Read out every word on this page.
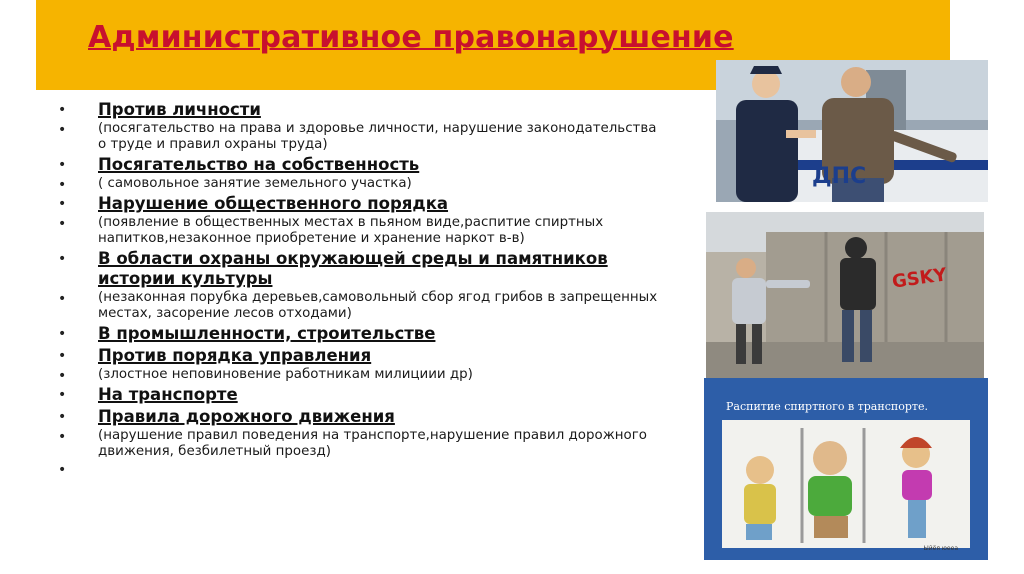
Административное правонарушение
• Против личности
• (посягательство на права и здоровье личности, нарушение законодательства о труде и правил охраны труда)
• Посягательство на собственность
• ( самовольное занятие земельного участка)
• Нарушение общественного порядка
• (появление в общественных местах в пьяном виде,распитие спиртных напитков,незаконное приобретение и хранение наркот в-в)
• В области охраны окружающей среды и памятников истории культуры
• (незаконная порубка деревьев,самовольный сбор ягод грибов в запрещенных местах, засорение лесов отходами)
• В промышленности, строительстве
• Против порядка управления
• (злостное неповиновение работникам милициии др)
• На транспорте
• Правила дорожного движения
• (нарушение правил поведения на транспорте,нарушение правил дорожного движения, безбилетный проезд)
•
ДПС
GSKY
Распитие спиртного в транспорте.
Ыйёя юееа
